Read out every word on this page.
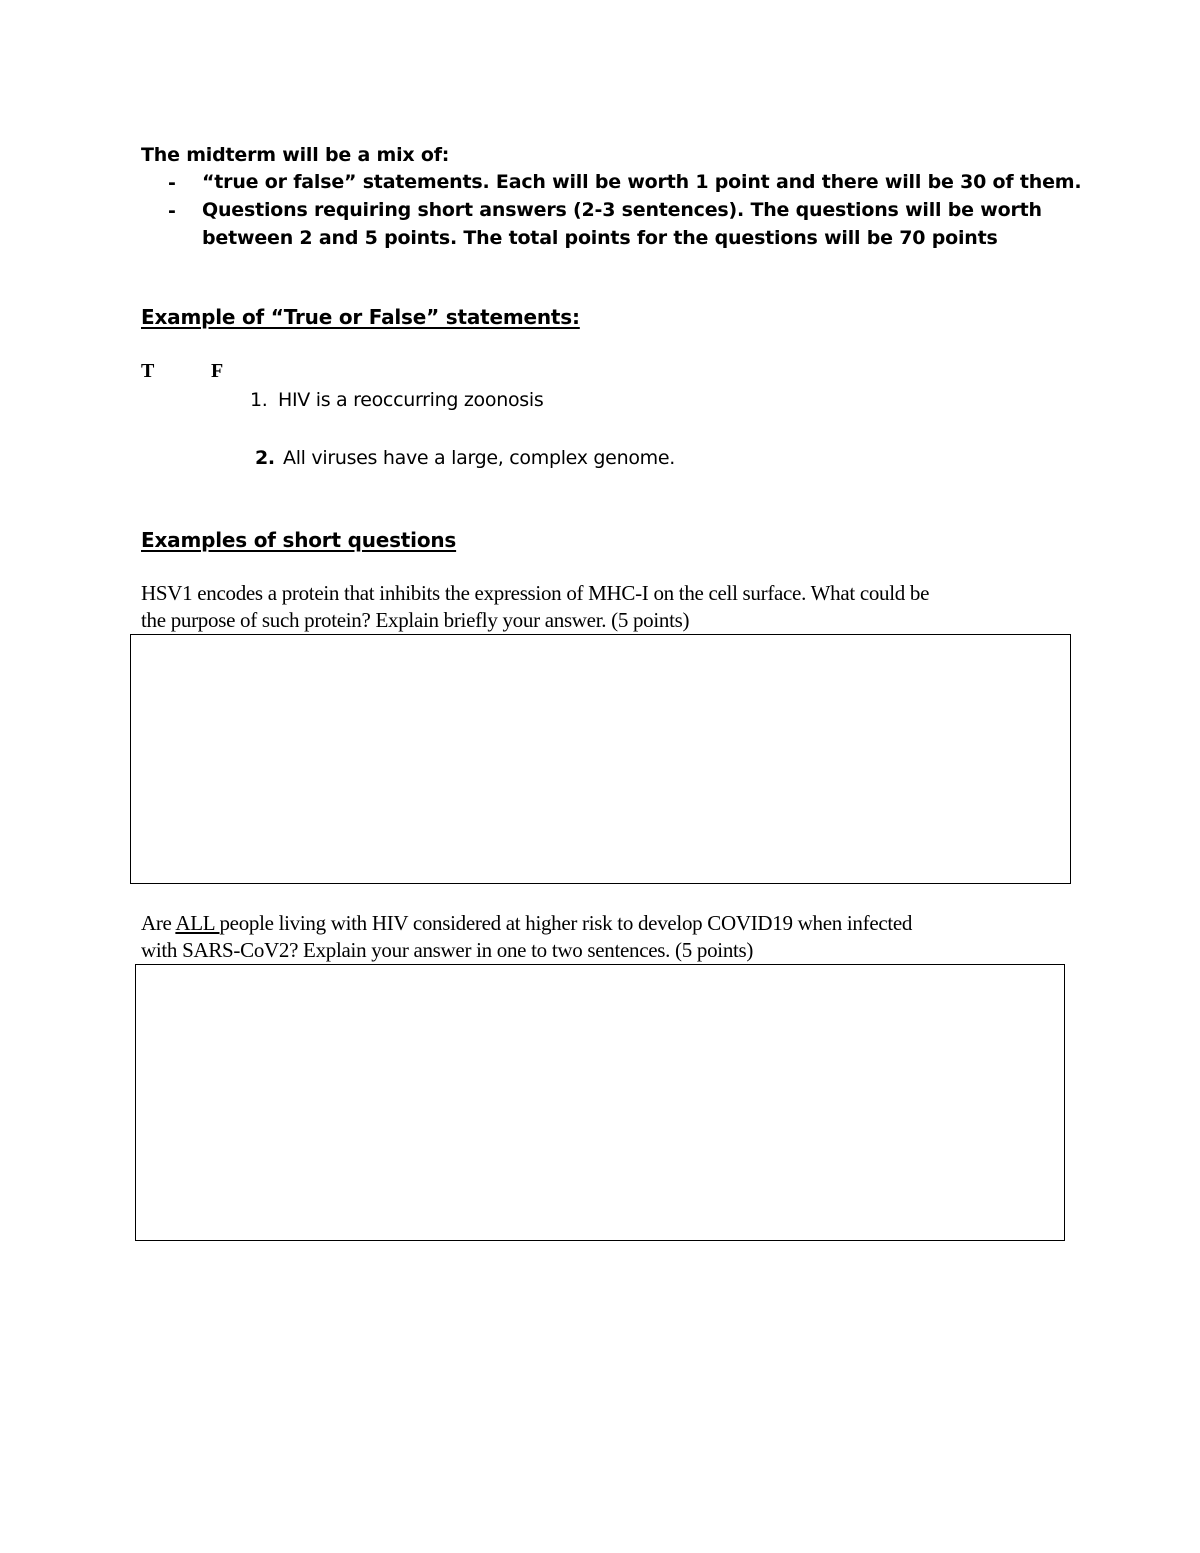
The midterm will be a mix of:
- “true or false” statements. Each will be worth 1 point and there will be 30 of them.
- Questions requiring short answers (2-3 sentences). The questions will be worth
between 2 and 5 points. The total points for the questions will be 70 points
Example of “True or False” statements:
T	F
1. HIV is a reoccurring zoonosis
2. All viruses have a large, complex genome.
Examples of short questions
HSV1 encodes a protein that inhibits the expression of MHC-I on the cell surface. What could be
the purpose of such protein? Explain briefly your answer. (5 points)
Are ALL people living with HIV considered at higher risk to develop COVID19 when infected
with SARS-CoV2? Explain your answer in one to two sentences. (5 points)
